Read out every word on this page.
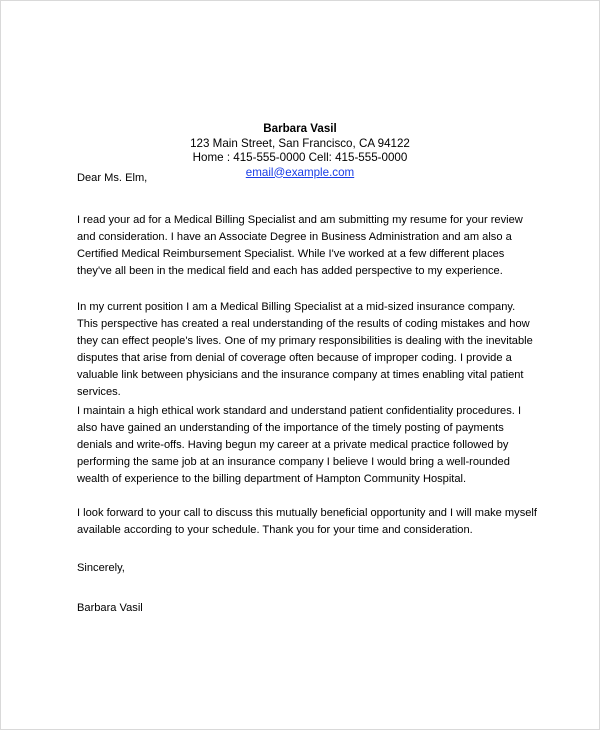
Barbara Vasil
123 Main Street, San Francisco, CA 94122
Home : 415-555-0000 Cell: 415-555-0000
email@example.com
Dear Ms. Elm,

I read your ad for a Medical Billing Specialist and am submitting my resume for your review and consideration. I have an Associate Degree in Business Administration and am also a Certified Medical Reimbursement Specialist. While I've worked at a few different places they've all been in the medical field and each has added perspective to my experience.

In my current position I am a Medical Billing Specialist at a mid-sized insurance company. This perspective has created a real understanding of the results of coding mistakes and how they can effect people's lives. One of my primary responsibilities is dealing with the inevitable disputes that arise from denial of coverage often because of improper coding. I provide a valuable link between physicians and the insurance company at times enabling vital patient services.

I maintain a high ethical work standard and understand patient confidentiality procedures. I also have gained an understanding of the importance of the timely posting of payments denials and write-offs. Having begun my career at a private medical practice followed by performing the same job at an insurance company I believe I would bring a well-rounded wealth of experience to the billing department of Hampton Community Hospital.

I look forward to your call to discuss this mutually beneficial opportunity and I will make myself available according to your schedule. Thank you for your time and consideration.

Sincerely,
Barbara Vasil
